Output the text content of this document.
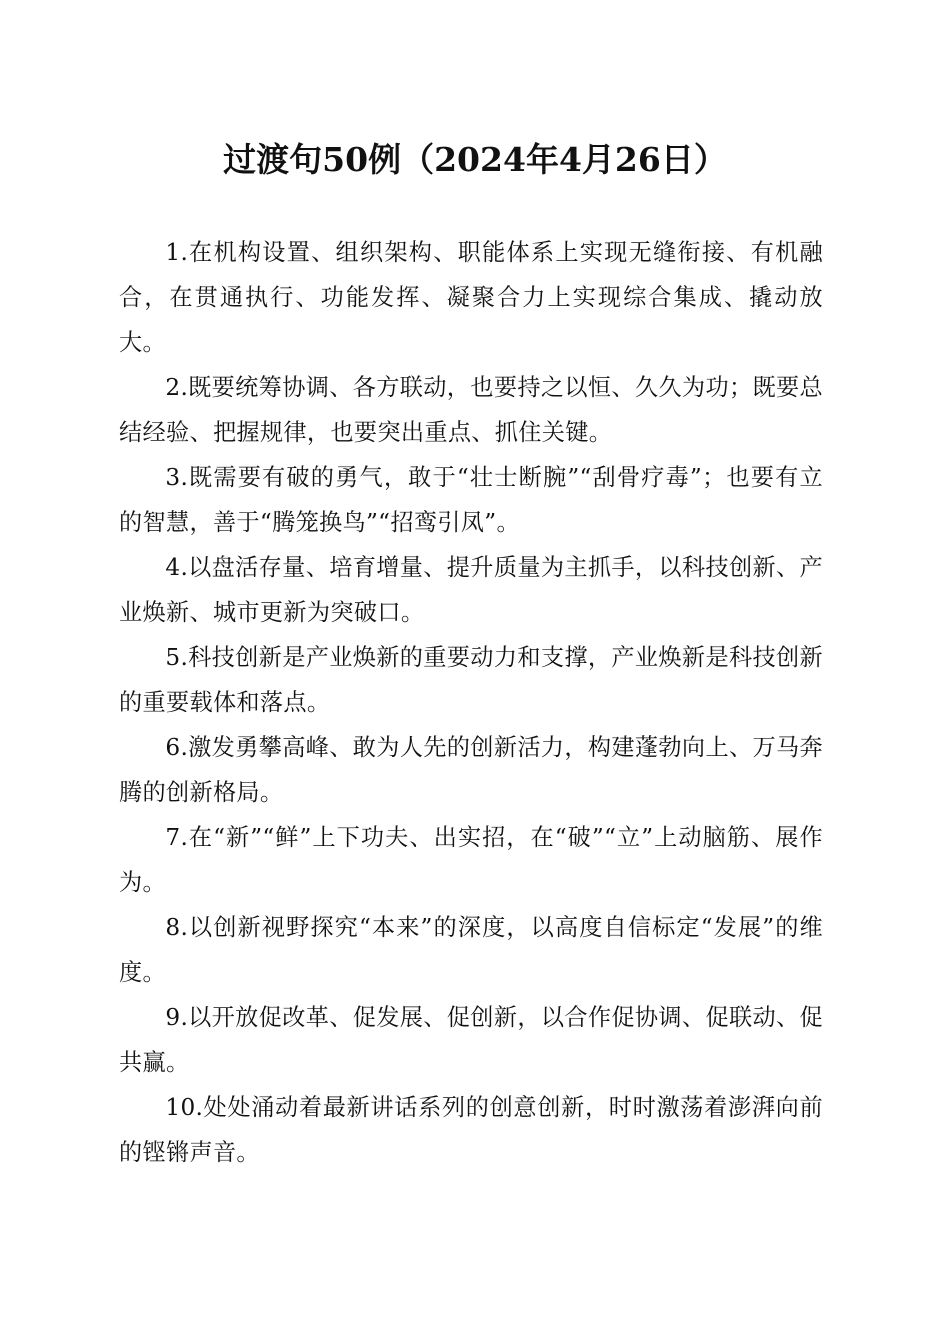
过渡句50例（2024年4月26日）

1.在机构设置、组织架构、职能体系上实现无缝衔接、有机融合，在贯通执行、功能发挥、凝聚合力上实现综合集成、撬动放大。

2.既要统筹协调、各方联动，也要持之以恒、久久为功；既要总结经验、把握规律，也要突出重点、抓住关键。

3.既需要有破的勇气，敢于“壮士断腕”“刮骨疗毒”；也要有立的智慧，善于“腾笼换鸟”“招鸾引凤”。

4.以盘活存量、培育增量、提升质量为主抓手，以科技创新、产业焕新、城市更新为突破口。

5.科技创新是产业焕新的重要动力和支撑，产业焕新是科技创新的重要载体和落点。

6.激发勇攀高峰、敢为人先的创新活力，构建蓬勃向上、万马奔腾的创新格局。

7.在“新”“鲜”上下功夫、出实招，在“破”“立”上动脑筋、展作为。

8.以创新视野探究“本来”的深度，以高度自信标定“发展”的维度。

9.以开放促改革、促发展、促创新，以合作促协调、促联动、促共赢。

10.处处涌动着最新讲话系列的创意创新，时时激荡着澎湃向前的铿锵声音。
